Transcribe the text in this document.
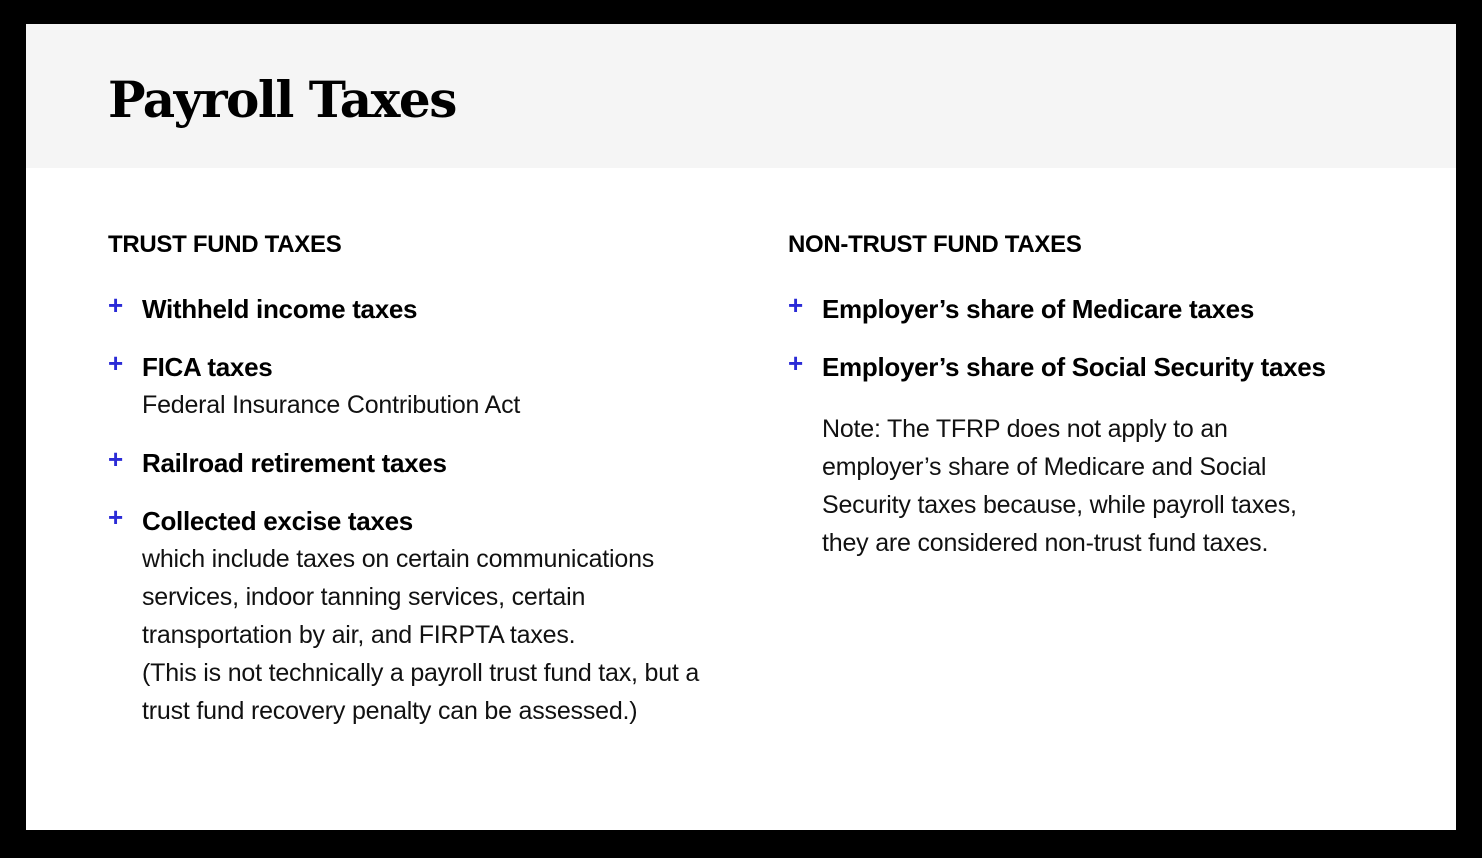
Payroll Taxes
TRUST FUND TAXES
+ Withheld income taxes
+ FICA taxes
Federal Insurance Contribution Act
+ Railroad retirement taxes
+ Collected excise taxes
which include taxes on certain communications
services, indoor tanning services, certain
transportation by air, and FIRPTA taxes.
(This is not technically a payroll trust fund tax, but a
trust fund recovery penalty can be assessed.)
NON-TRUST FUND TAXES
+ Employer’s share of Medicare taxes
+ Employer’s share of Social Security taxes
Note: The TFRP does not apply to an
employer’s share of Medicare and Social
Security taxes because, while payroll taxes,
they are considered non-trust fund taxes.
